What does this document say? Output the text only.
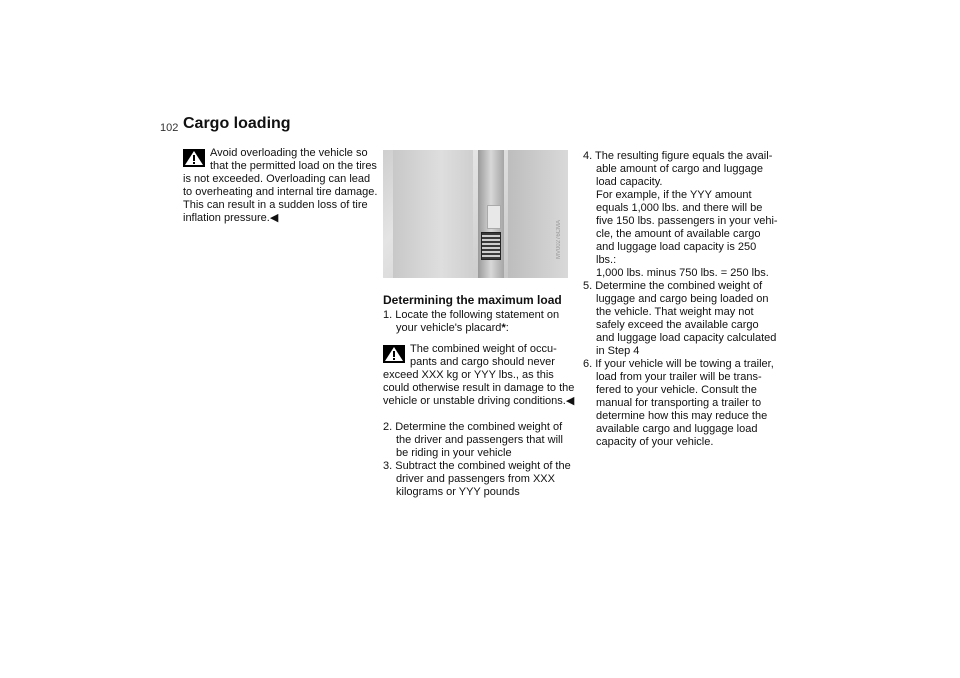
102 Cargo loading

Avoid overloading the vehicle so that the permitted load on the tires

is not exceeded. Overloading can lead to overheating and internal tire damage. This can result in a sudden loss of tire inflation pressure.◀

MV00276CMA
Determining the maximum load

1. Locate the following statement on your vehicle's placard*:

The combined weight of occu-pants and cargo should never

exceed XXX kg or YYY lbs., as this could otherwise result in damage to the vehicle or unstable driving conditions.◀

2. Determine the combined weight of the driver and passengers that will be riding in your vehicle

3. Subtract the combined weight of the driver and passengers from XXX kilograms or YYY pounds

4. The resulting figure equals the avail-able amount of cargo and luggage load capacity.

For example, if the YYY amount equals 1,000 lbs. and there will be five 150 lbs. passengers in your vehi-cle, the amount of available cargo and luggage load capacity is 250 lbs.:

1,000 lbs. minus 750 lbs. = 250 lbs.

5. Determine the combined weight of luggage and cargo being loaded on the vehicle. That weight may not safely exceed the available cargo and luggage load capacity calculated in Step 4

6. If your vehicle will be towing a trailer, load from your trailer will be trans-fered to your vehicle. Consult the manual for transporting a trailer to determine how this may reduce the available cargo and luggage load capacity of your vehicle.
